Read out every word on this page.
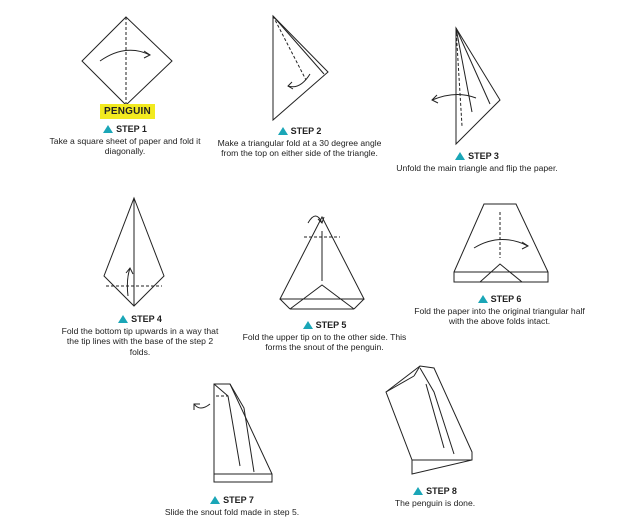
PENGUIN
STEP 1
Take a square sheet of paper and fold it diagonally.
STEP 2
Make a triangular fold at a 30 degree angle from the top on either side of the triangle.	STEP 3
Unfold the main triangle and flip the paper.
STEP 4
Fold the bottom tip upwards in a way that the tip lines with the base of the step 2 folds.
STEP 5
Fold the upper tip on to the other side. This forms the snout of the penguin.
STEP 6
Fold the paper into the original triangular half with the above folds intact.
STEP 7
Slide the snout fold made in step 5.
STEP 8
The penguin is done.
